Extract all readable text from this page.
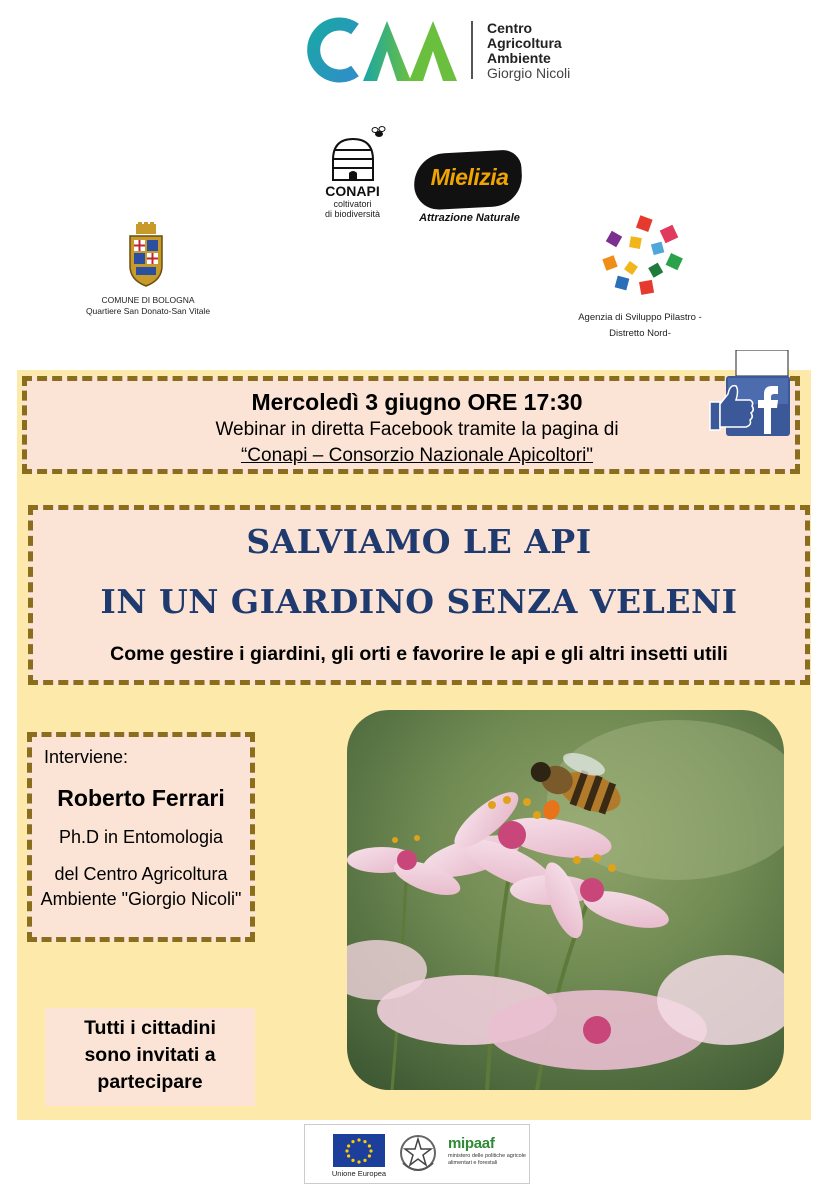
Centro
Agricoltura
Ambiente
Giorgio Nicoli
CONAPI
coltivatori
di biodiversità
Mielizia
Attrazione Naturale
COMUNE DI BOLOGNA
Quartiere San Donato-San Vitale
Agenzia di Sviluppo Pilastro -
Distretto Nord-
Mercoledì 3 giugno ORE 17:30
Webinar in diretta Facebook tramite la pagina di
“Conapi – Consorzio Nazionale Apicoltori"
SALVIAMO LE API
IN UN GIARDINO SENZA VELENI
Come gestire i giardini, gli orti e favorire le api e gli altri insetti utili
Interviene:
Roberto Ferrari
Ph.D in Entomologia
del Centro Agricoltura Ambiente "Giorgio Nicoli"
Tutti i cittadini
sono invitati a
partecipare
Unione Europea
mipaaf
ministero delle politiche agricole alimentari e forestali
